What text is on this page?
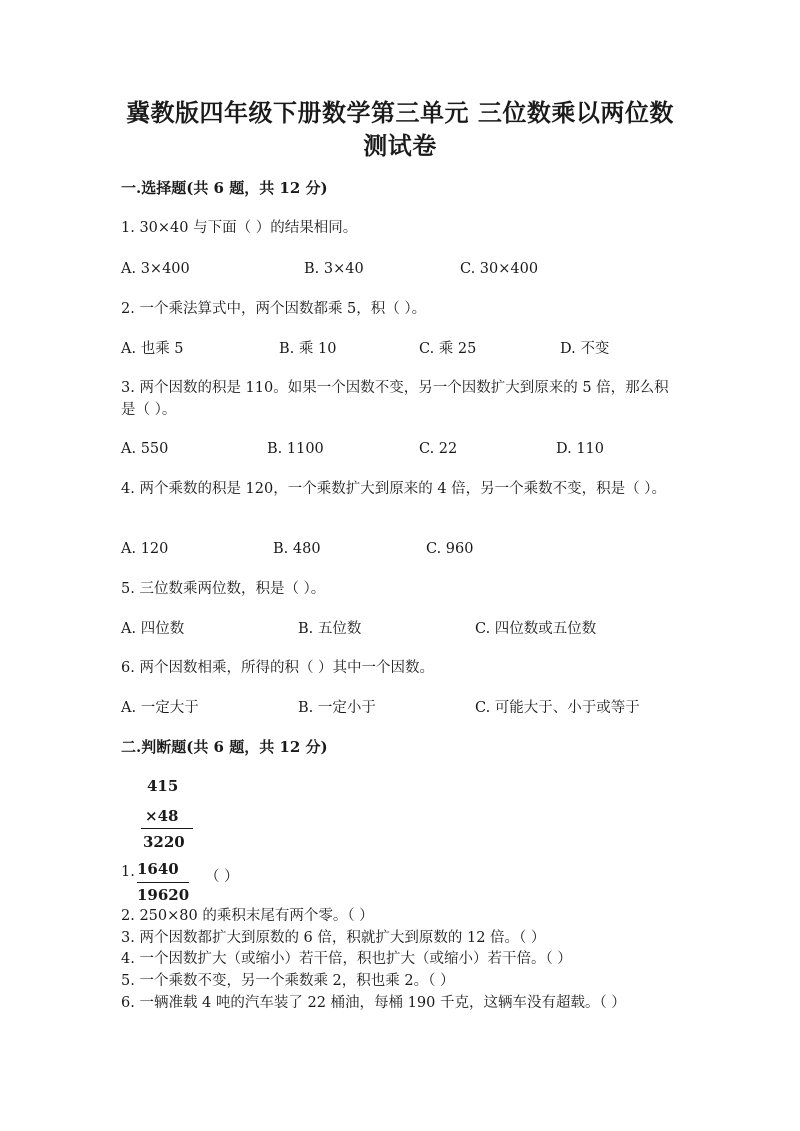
冀教版四年级下册数学第三单元 三位数乘以两位数
测试卷
一.选择题(共 6 题，共 12 分)
1. 30×40 与下面（ ）的结果相同。
A. 3×400	B. 3×40	C. 30×400
2. 一个乘法算式中，两个因数都乘 5，积（ ）。
A. 也乘 5	B. 乘 10	C. 乘 25	D. 不变
3. 两个因数的积是 110。如果一个因数不变，另一个因数扩大到原来的 5 倍，那么积是（ ）。
A. 550	B. 1100	C. 22	D. 110
4. 两个乘数的积是 120，一个乘数扩大到原来的 4 倍，另一个乘数不变，积是（ ）。
A. 120	B. 480	C. 960
5. 三位数乘两位数，积是（ ）。
A. 四位数	B. 五位数	C. 四位数或五位数
6. 两个因数相乘，所得的积（ ）其中一个因数。
A. 一定大于	B. 一定小于	C. 可能大于、小于或等于
二.判断题(共 6 题，共 12 分)
415
×48
3220
1. 1640
19620
（ ）
2. 250×80 的乘积末尾有两个零。（ ）
3. 两个因数都扩大到原数的 6 倍，积就扩大到原数的 12 倍。（ ）
4. 一个因数扩大（或缩小）若干倍，积也扩大（或缩小）若干倍。（ ）
5. 一个乘数不变，另一个乘数乘 2，积也乘 2。（ ）
6. 一辆准载 4 吨的汽车装了 22 桶油，每桶 190 千克，这辆车没有超载。（ ）
